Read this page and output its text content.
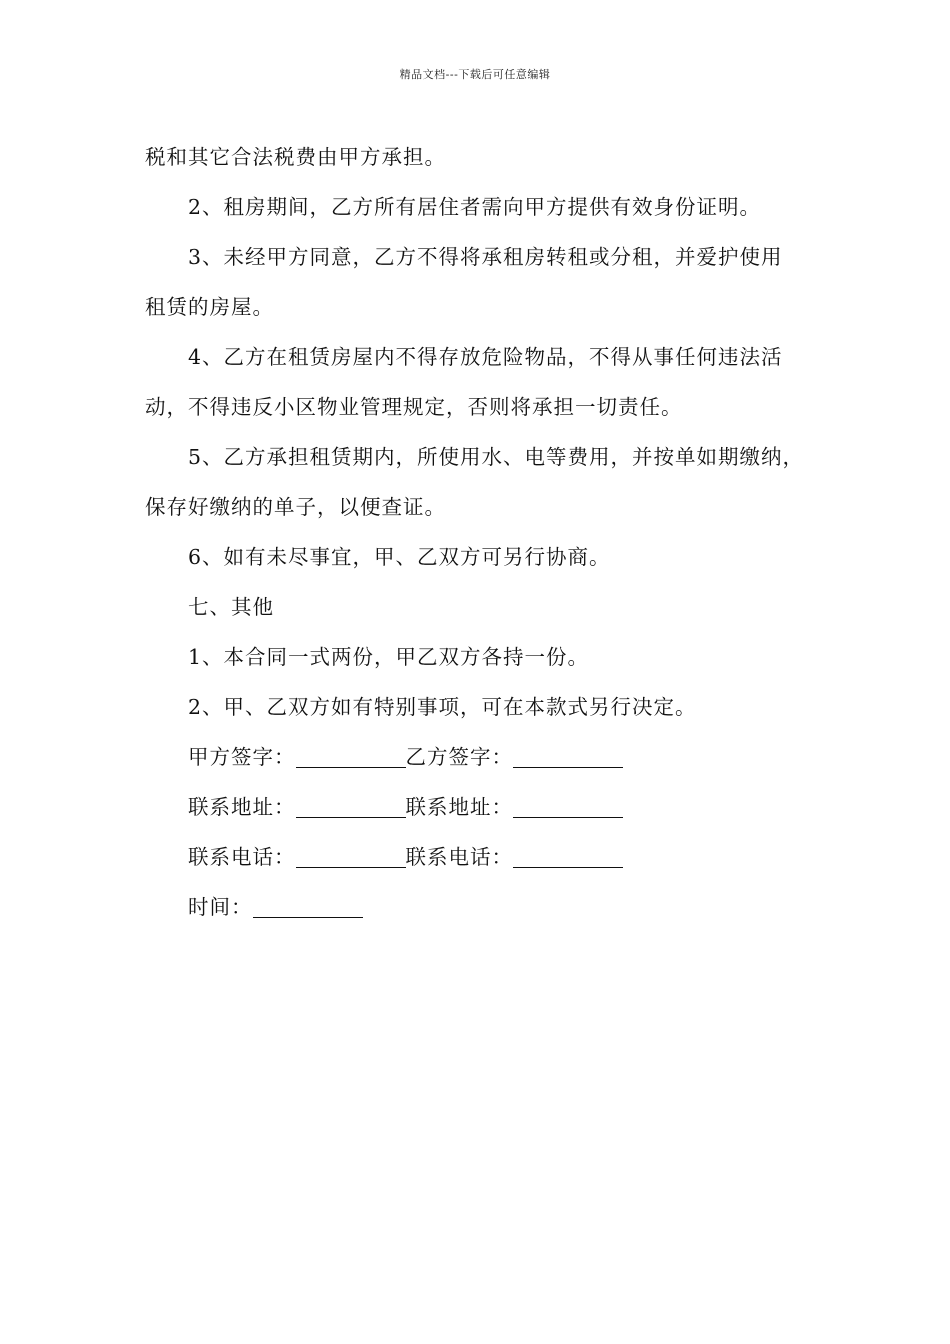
精品文档---下载后可任意编辑
税和其它合法税费由甲方承担。
2、租房期间，乙方所有居住者需向甲方提供有效身份证明。
3、未经甲方同意，乙方不得将承租房转租或分租，并爱护使用
租赁的房屋。
4、乙方在租赁房屋内不得存放危险物品，不得从事任何违法活
动，不得违反小区物业管理规定，否则将承担一切责任。
5、乙方承担租赁期内，所使用水、电等费用，并按单如期缴纳，
保存好缴纳的单子，以便查证。
6、如有未尽事宜，甲、乙双方可另行协商。
七、其他
1、本合同一式两份，甲乙双方各持一份。
2、甲、乙双方如有特别事项，可在本款式另行决定。
甲方签字：	乙方签字：
联系地址：	联系地址：
联系电话：	联系电话：
时间：
